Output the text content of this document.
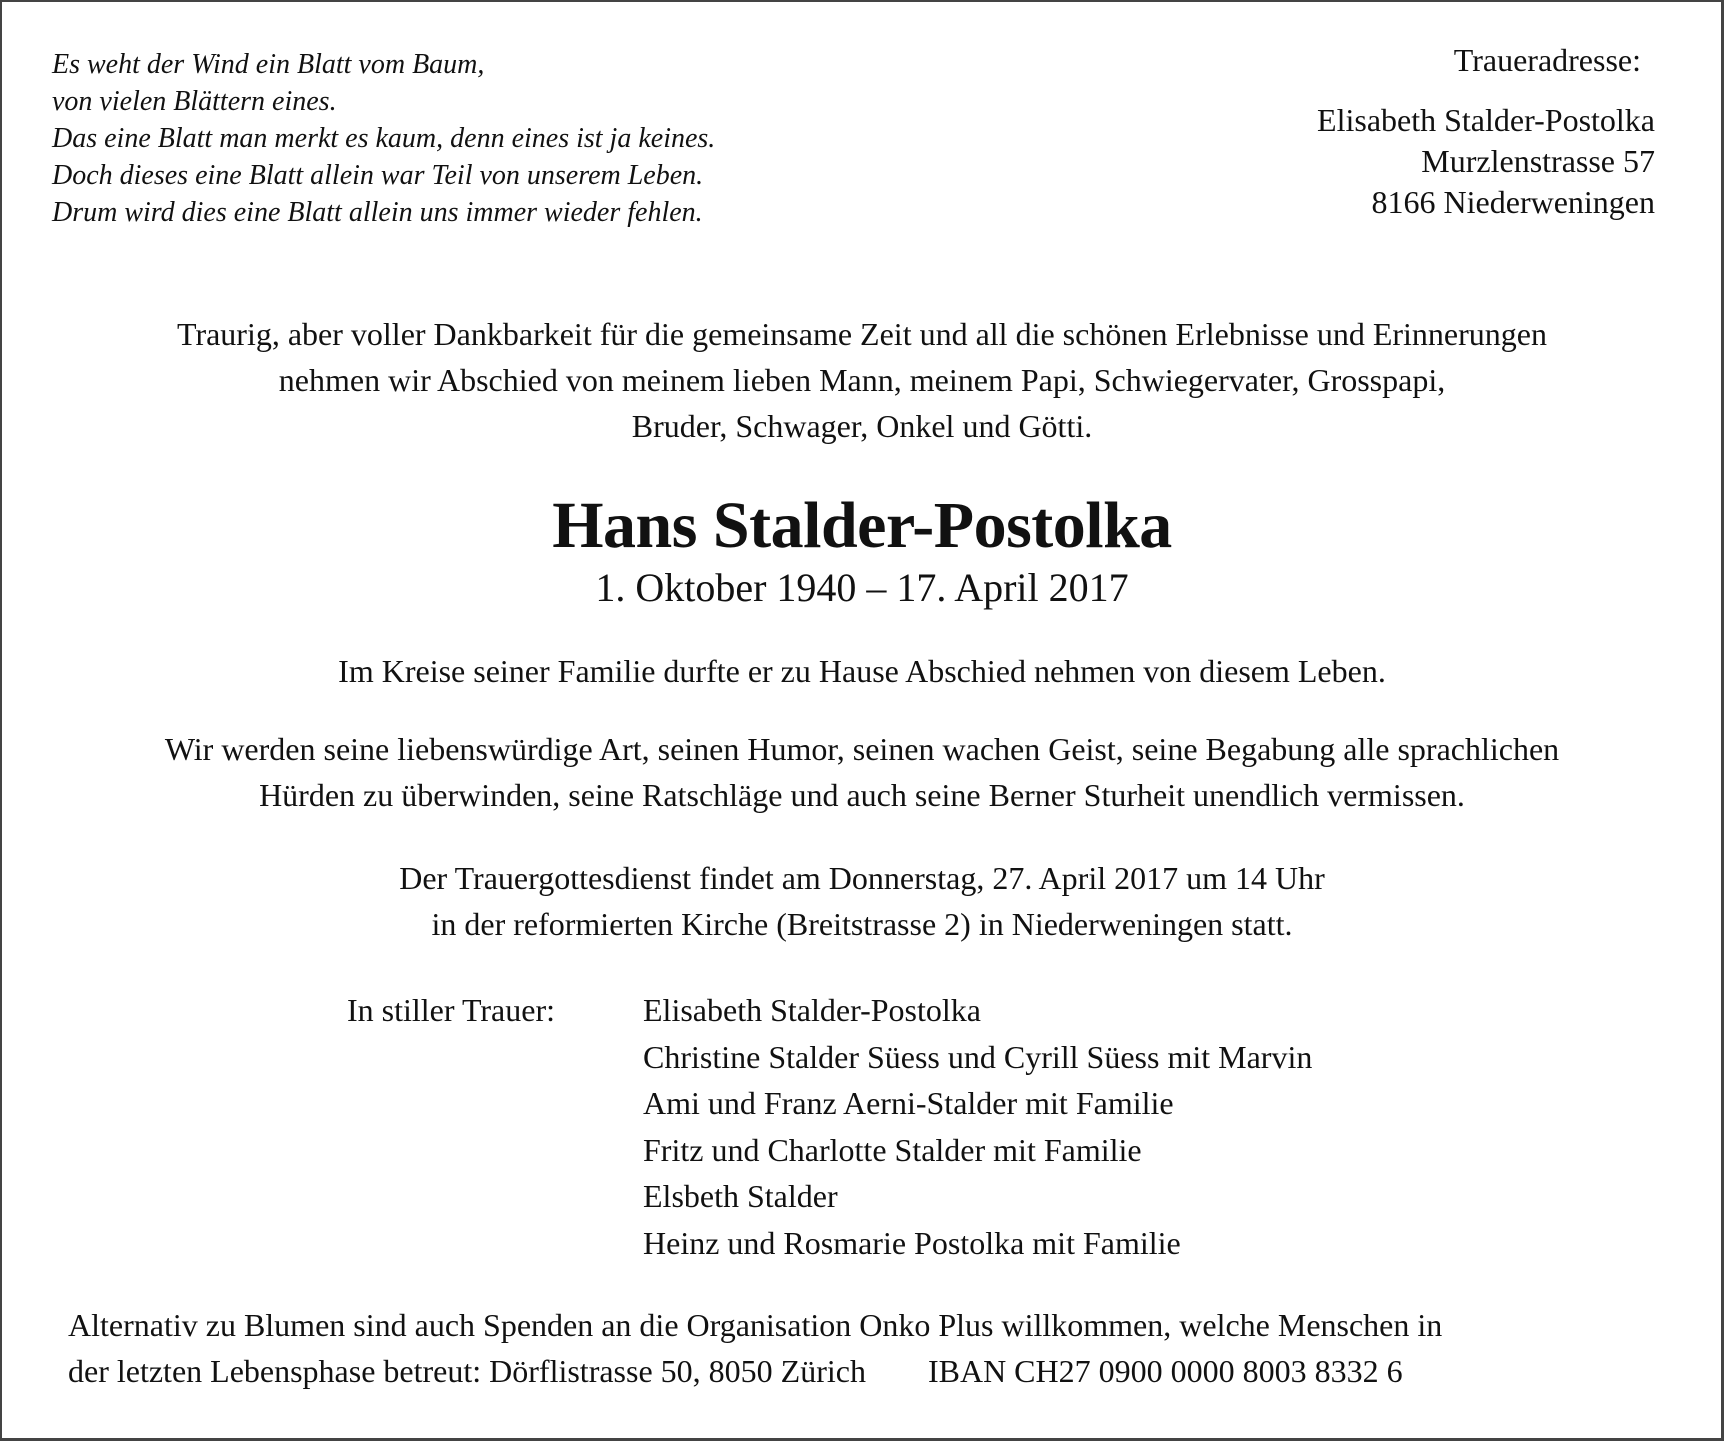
Es weht der Wind ein Blatt vom Baum,
von vielen Blättern eines.
Das eine Blatt man merkt es kaum, denn eines ist ja keines.
Doch dieses eine Blatt allein war Teil von unserem Leben.
Drum wird dies eine Blatt allein uns immer wieder fehlen.
Traueradresse:
Elisabeth Stalder-Postolka
Murzlenstrasse 57
8166 Niederweningen
Traurig, aber voller Dankbarkeit für die gemeinsame Zeit und all die schönen Erlebnisse und Erinnerungen
nehmen wir Abschied von meinem lieben Mann, meinem Papi, Schwiegervater, Grosspapi,
Bruder, Schwager, Onkel und Götti.
Hans Stalder-Postolka
1. Oktober 1940 – 17. April 2017
Im Kreise seiner Familie durfte er zu Hause Abschied nehmen von diesem Leben.
Wir werden seine liebenswürdige Art, seinen Humor, seinen wachen Geist, seine Begabung alle sprachlichen
Hürden zu überwinden, seine Ratschläge und auch seine Berner Sturheit unendlich vermissen.
Der Trauergottesdienst findet am Donnerstag, 27. April 2017 um 14 Uhr
in der reformierten Kirche (Breitstrasse 2) in Niederweningen statt.
In stiller Trauer:	Elisabeth Stalder-Postolka
Christine Stalder Süess und Cyrill Süess mit Marvin
Ami und Franz Aerni-Stalder mit Familie
Fritz und Charlotte Stalder mit Familie
Elsbeth Stalder
Heinz und Rosmarie Postolka mit Familie
Alternativ zu Blumen sind auch Spenden an die Organisation Onko Plus willkommen, welche Menschen in
der letzten Lebensphase betreut: Dörflistrasse 50, 8050 Zürich IBAN CH27 0900 0000 8003 8332 6
